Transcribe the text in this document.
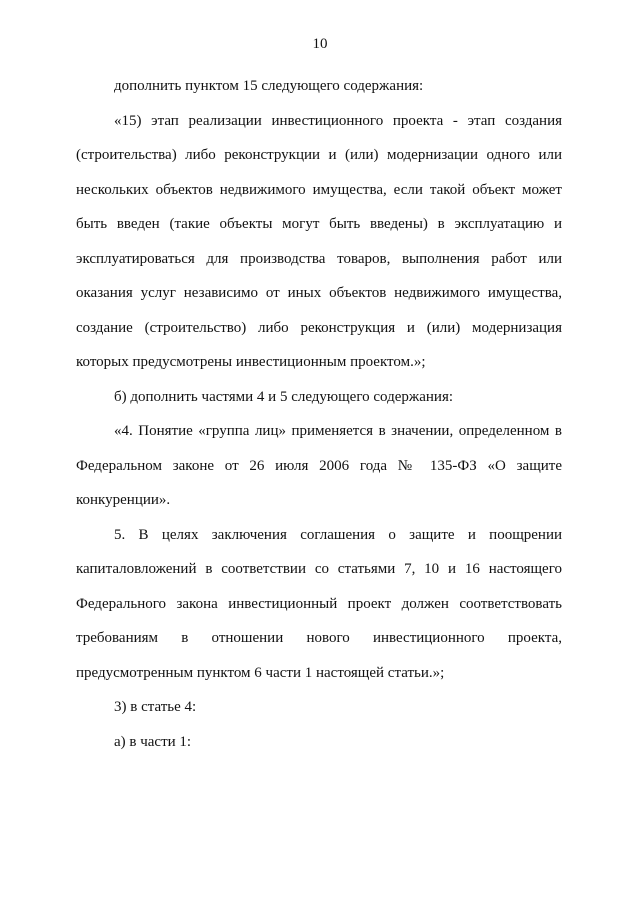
10

дополнить пунктом 15 следующего содержания:

«15) этап реализации инвестиционного проекта - этап создания (строительства) либо реконструкции и (или) модернизации одного или нескольких объектов недвижимого имущества, если такой объект может быть введен (такие объекты могут быть введены) в эксплуатацию и эксплуатироваться для производства товаров, выполнения работ или оказания услуг независимо от иных объектов недвижимого имущества, создание (строительство) либо реконструкция и (или) модернизация которых предусмотрены инвестиционным проектом.»;

б) дополнить частями 4 и 5 следующего содержания:

«4. Понятие «группа лиц» применяется в значении, определенном в Федеральном законе от 26 июля 2006 года № 135-ФЗ «О защите конкуренции».

5. В целях заключения соглашения о защите и поощрении капиталовложений в соответствии со статьями 7, 10 и 16 настоящего Федерального закона инвестиционный проект должен соответствовать требованиям в отношении нового инвестиционного проекта, предусмотренным пунктом 6 части 1 настоящей статьи.»;

3) в статье 4:

а) в части 1:
